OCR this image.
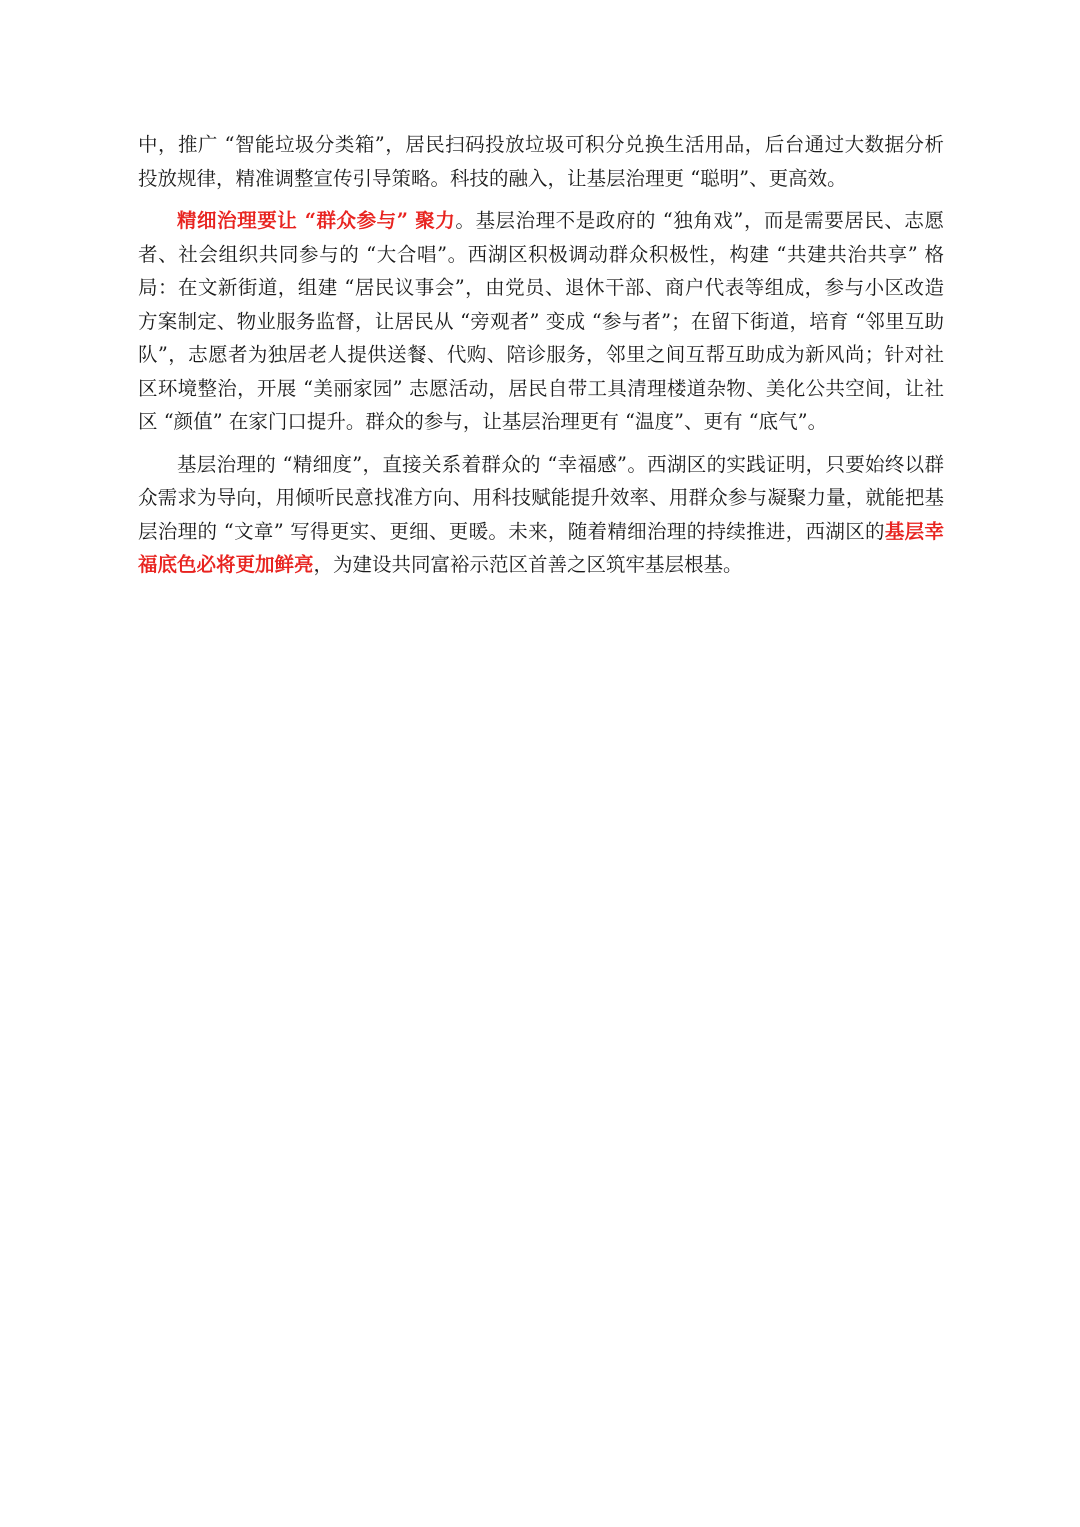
中，推广 “智能垃圾分类箱”，居民扫码投放垃圾可积分兑换生活用品，后台通过大数据分析投放规律，精准调整宣传引导策略。科技的融入，让基层治理更 “聪明”、更高效。

精细治理要让 “群众参与” 聚力。基层治理不是政府的 “独角戏”，而是需要居民、志愿者、社会组织共同参与的 “大合唱”。西湖区积极调动群众积极性，构建 “共建共治共享” 格局：在文新街道，组建 “居民议事会”，由党员、退休干部、商户代表等组成，参与小区改造方案制定、物业服务监督，让居民从 “旁观者” 变成 “参与者”；在留下街道，培育 “邻里互助队”，志愿者为独居老人提供送餐、代购、陪诊服务，邻里之间互帮互助成为新风尚；针对社区环境整治，开展 “美丽家园” 志愿活动，居民自带工具清理楼道杂物、美化公共空间，让社区 “颜值” 在家门口提升。群众的参与，让基层治理更有 “温度”、更有 “底气”。

基层治理的 “精细度”，直接关系着群众的 “幸福感”。西湖区的实践证明，只要始终以群众需求为导向，用倾听民意找准方向、用科技赋能提升效率、用群众参与凝聚力量，就能把基层治理的 “文章” 写得更实、更细、更暖。未来，随着精细治理的持续推进，西湖区的基层幸福底色必将更加鲜亮，为建设共同富裕示范区首善之区筑牢基层根基。
